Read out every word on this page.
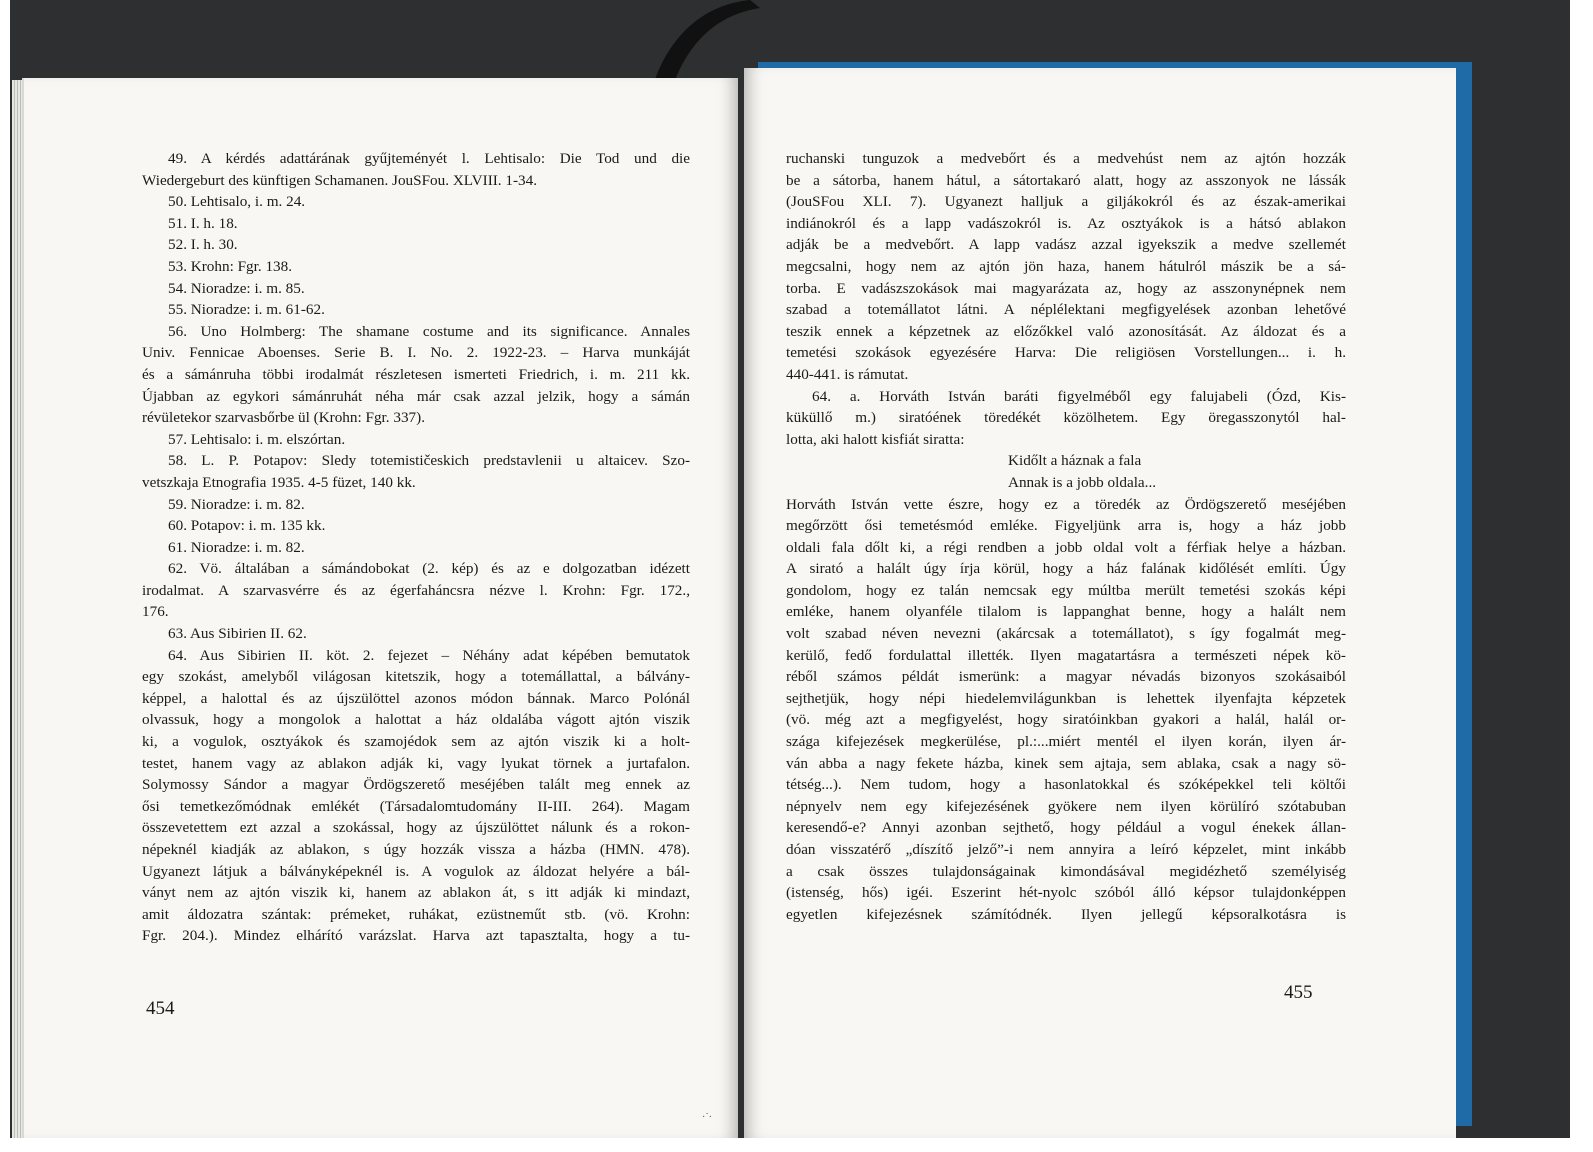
49. A kérdés adattárának gyűjteményét l. Lehtisalo: Die Tod und die
Wiedergeburt des künftigen Schamanen. JouSFou. XLVIII. 1-34.
50. Lehtisalo, i. m. 24.
51. I. h. 18.
52. I. h. 30.
53. Krohn: Fgr. 138.
54. Nioradze: i. m. 85.
55. Nioradze: i. m. 61-62.
56. Uno Holmberg: The shamane costume and its significance. Annales
Univ. Fennicae Aboenses. Serie B. I. No. 2. 1922-23. – Harva munkáját
és a sámánruha többi irodalmát részletesen ismerteti Friedrich, i. m. 211 kk.
Újabban az egykori sámánruhát néha már csak azzal jelzik, hogy a sámán
révületekor szarvasbőrbe ül (Krohn: Fgr. 337).
57. Lehtisalo: i. m. elszórtan.
58. L. P. Potapov: Sledy totemističeskich predstavlenii u altaicev. Szo-
vetszkaja Etnografia 1935. 4-5 füzet, 140 kk.
59. Nioradze: i. m. 82.
60. Potapov: i. m. 135 kk.
61. Nioradze: i. m. 82.
62. Vö. általában a sámándobokat (2. kép) és az e dolgozatban idézett
irodalmat. A szarvasvérre és az égerfaháncsra nézve l. Krohn: Fgr. 172.,
176.
63. Aus Sibirien II. 62.
64. Aus Sibirien II. köt. 2. fejezet – Néhány adat képében bemutatok
egy szokást, amelyből világosan kitetszik, hogy a totemállattal, a bálvány-
képpel, a halottal és az újszülöttel azonos módon bánnak. Marco Polónál
olvassuk, hogy a mongolok a halottat a ház oldalába vágott ajtón viszik
ki, a vogulok, osztyákok és szamojédok sem az ajtón viszik ki a holt-
testet, hanem vagy az ablakon adják ki, vagy lyukat törnek a jurtafalon.
Solymossy Sándor a magyar Ördögszerető meséjében talált meg ennek az
ősi temetkezőmódnak emlékét (Társadalomtudomány II-III. 264). Magam
összevetettem ezt azzal a szokással, hogy az újszülöttet nálunk és a rokon-
népeknél kiadják az ablakon, s úgy hozzák vissza a házba (HMN. 478).
Ugyanezt látjuk a bálványképeknél is. A vogulok az áldozat helyére a bál-
ványt nem az ajtón viszik ki, hanem az ablakon át, s itt adják ki mindazt,
amit áldozatra szántak: prémeket, ruhákat, ezüstneműt stb. (vö. Krohn:
Fgr. 204.). Mindez elhárító varázslat. Harva azt tapasztalta, hogy a tu-
454
·˙·
ruchanski tunguzok a medvebőrt és a medvehúst nem az ajtón hozzák
be a sátorba, hanem hátul, a sátortakaró alatt, hogy az asszonyok ne lássák
(JouSFou XLI. 7). Ugyanezt halljuk a giljákokról és az észak-amerikai
indiánokról és a lapp vadászokról is. Az osztyákok is a hátsó ablakon
adják be a medvebőrt. A lapp vadász azzal igyekszik a medve szellemét
megcsalni, hogy nem az ajtón jön haza, hanem hátulról mászik be a sá-
torba. E vadászszokások mai magyarázata az, hogy az asszonynépnek nem
szabad a totemállatot látni. A néplélektani megfigyelések azonban lehetővé
teszik ennek a képzetnek az előzőkkel való azonosítását. Az áldozat és a
temetési szokások egyezésére Harva: Die religiösen Vorstellungen... i. h.
440-441. is rámutat.
64. a. Horváth István baráti figyelméből egy falujabeli (Ózd, Kis-
küküllő m.) siratóének töredékét közölhetem. Egy öregasszonytól hal-
lotta, aki halott kisfiát siratta:
Kidőlt a háznak a fala
Annak is a jobb oldala...
Horváth István vette észre, hogy ez a töredék az Ördögszerető meséjében
megőrzött ősi temetésmód emléke. Figyeljünk arra is, hogy a ház jobb
oldali fala dőlt ki, a régi rendben a jobb oldal volt a férfiak helye a házban.
A sirató a halált úgy írja körül, hogy a ház falának kidőlését említi. Úgy
gondolom, hogy ez talán nemcsak egy múltba merült temetési szokás képi
emléke, hanem olyanféle tilalom is lappanghat benne, hogy a halált nem
volt szabad néven nevezni (akárcsak a totemállatot), s így fogalmát meg-
kerülő, fedő fordulattal illették. Ilyen magatartásra a természeti népek kö-
réből számos példát ismerünk: a magyar névadás bizonyos szokásaiból
sejthetjük, hogy népi hiedelemvilágunkban is lehettek ilyenfajta képzetek
(vö. még azt a megfigyelést, hogy siratóinkban gyakori a halál, halál or-
szága kifejezések megkerülése, pl.:...miért mentél el ilyen korán, ilyen ár-
ván abba a nagy fekete házba, kinek sem ajtaja, sem ablaka, csak a nagy sö-
tétség...). Nem tudom, hogy a hasonlatokkal és szóképekkel teli költői
népnyelv nem egy kifejezésének gyökere nem ilyen körülíró szótabuban
keresendő-e? Annyi azonban sejthető, hogy például a vogul énekek állan-
dóan visszatérő „díszítő jelző”-i nem annyira a leíró képzelet, mint inkább
a csak összes tulajdonságainak kimondásával megidézhető személyiség
(istenség, hős) igéi. Eszerint hét-nyolc szóból álló képsor tulajdonképpen
egyetlen kifejezésnek számítódnék. Ilyen jellegű képsoralkotásra is
455
